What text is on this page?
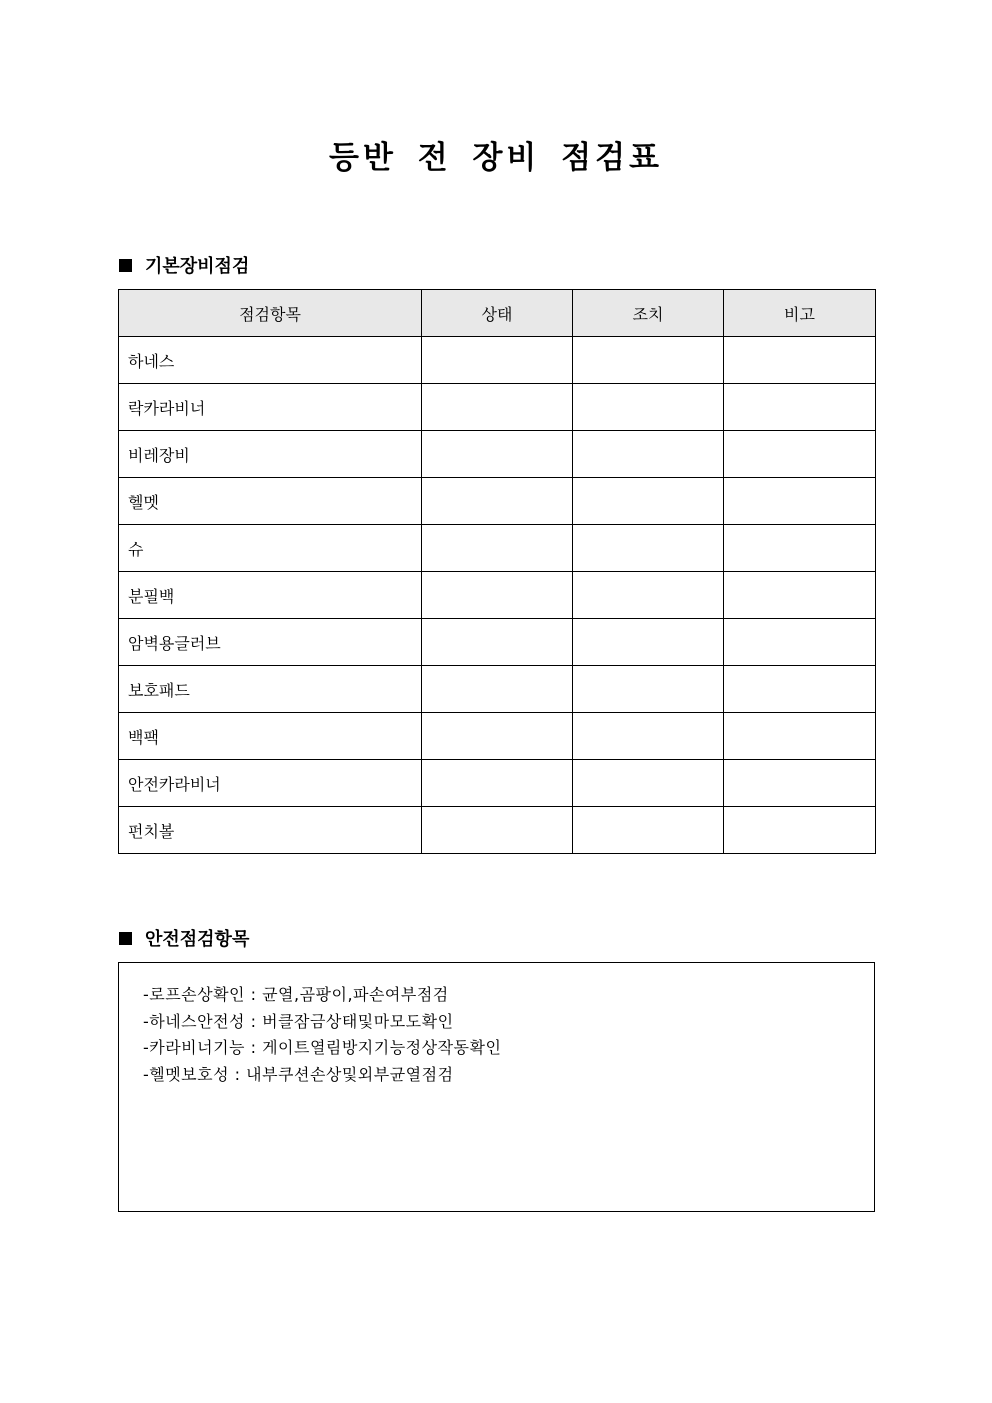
등반 전 장비 점검표
기본장비점검
점검항목	상태	조치	비고
하네스			
락카라비너			
비레장비			
헬멧			
슈			
분필백			
암벽용글러브			
보호패드			
백팩			
안전카라비너			
펀치볼			
안전점검항목
-로프손상확인 : 균열,곰팡이,파손여부점검
-하네스안전성 : 버클잠금상태및마모도확인
-카라비너기능 : 게이트열림방지기능정상작동확인
-헬멧보호성 : 내부쿠션손상및외부균열점검
